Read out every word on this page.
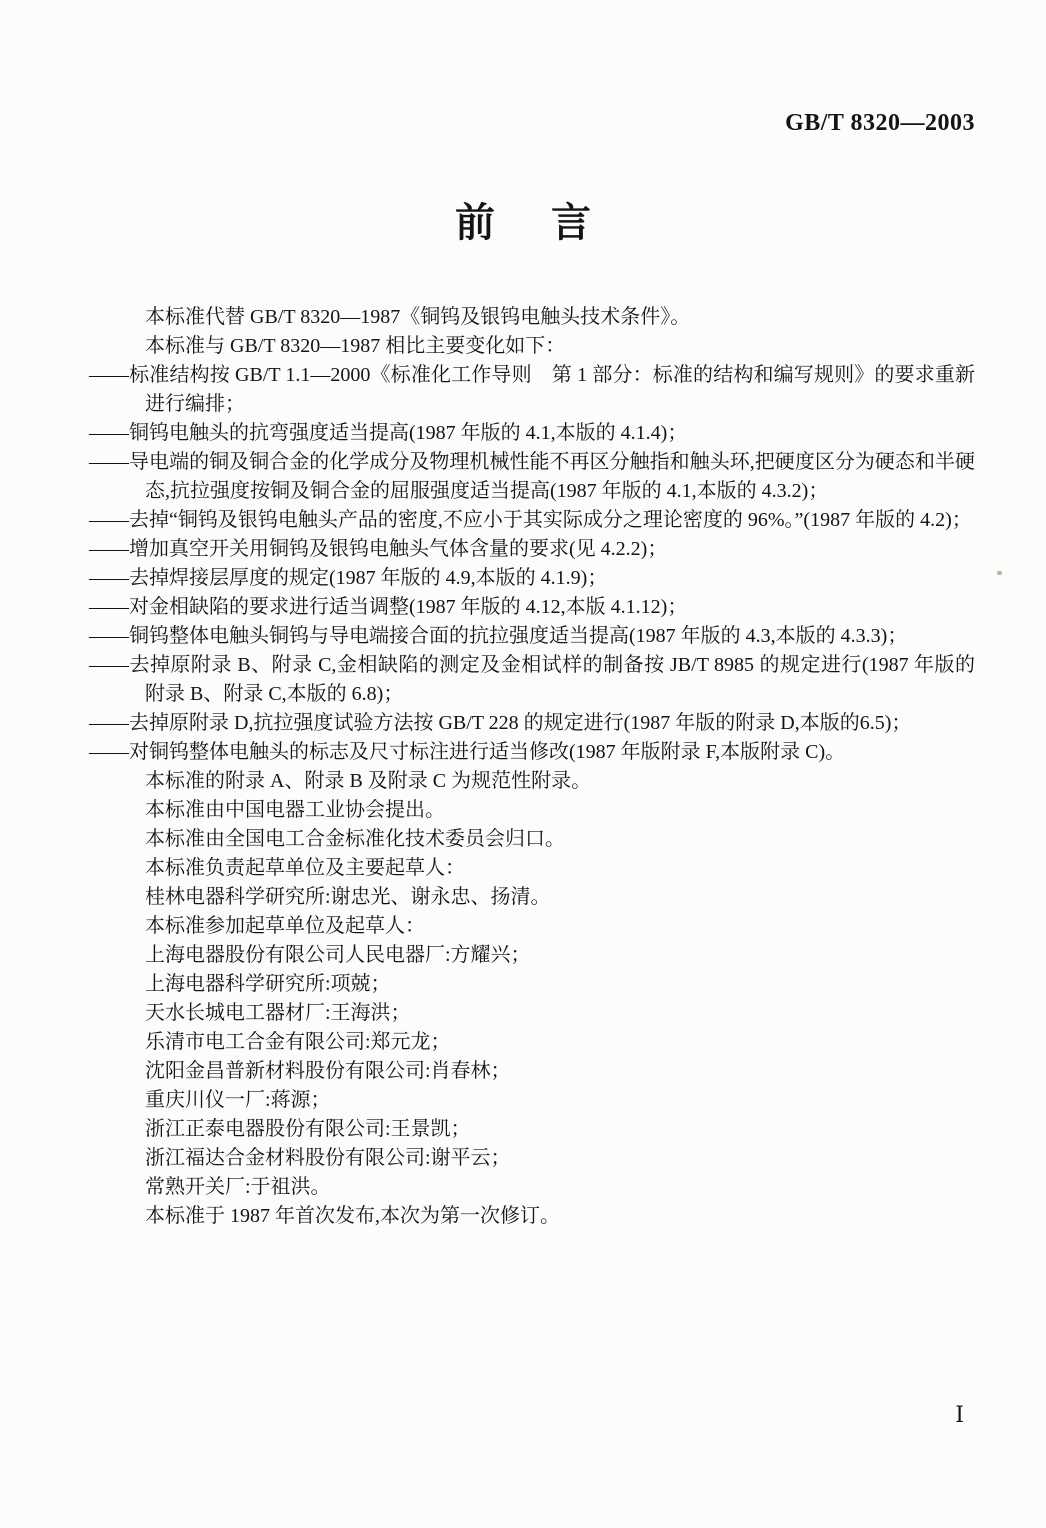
GB/T 8320—2003
前 言

本标准代替 GB/T 8320—1987《铜钨及银钨电触头技术条件》。

本标准与 GB/T 8320—1987 相比主要变化如下：

——标准结构按 GB/T 1.1—2000《标准化工作导则　第 1 部分：标准的结构和编写规则》的要求重新进行编排；

——铜钨电触头的抗弯强度适当提高(1987 年版的 4.1,本版的 4.1.4)；

——导电端的铜及铜合金的化学成分及物理机械性能不再区分触指和触头环,把硬度区分为硬态和半硬态,抗拉强度按铜及铜合金的屈服强度适当提高(1987 年版的 4.1,本版的 4.3.2)；

——去掉“铜钨及银钨电触头产品的密度,不应小于其实际成分之理论密度的 96%。”(1987 年版的 4.2)；

——增加真空开关用铜钨及银钨电触头气体含量的要求(见 4.2.2)；

——去掉焊接层厚度的规定(1987 年版的 4.9,本版的 4.1.9)；

——对金相缺陷的要求进行适当调整(1987 年版的 4.12,本版 4.1.12)；

——铜钨整体电触头铜钨与导电端接合面的抗拉强度适当提高(1987 年版的 4.3,本版的 4.3.3)；

——去掉原附录 B、附录 C,金相缺陷的测定及金相试样的制备按 JB/T 8985 的规定进行(1987 年版的附录 B、附录 C,本版的 6.8)；

——去掉原附录 D,抗拉强度试验方法按 GB/T 228 的规定进行(1987 年版的附录 D,本版的6.5)；

——对铜钨整体电触头的标志及尺寸标注进行适当修改(1987 年版附录 F,本版附录 C)。

本标准的附录 A、附录 B 及附录 C 为规范性附录。

本标准由中国电器工业协会提出。

本标准由全国电工合金标准化技术委员会归口。

本标准负责起草单位及主要起草人：

桂林电器科学研究所:谢忠光、谢永忠、扬清。

本标准参加起草单位及起草人：

上海电器股份有限公司人民电器厂:方耀兴；

上海电器科学研究所:项兢；

天水长城电工器材厂:王海洪；

乐清市电工合金有限公司:郑元龙；

沈阳金昌普新材料股份有限公司:肖春林；

重庆川仪一厂:蒋源；

浙江正泰电器股份有限公司:王景凯；

浙江福达合金材料股份有限公司:谢平云；

常熟开关厂:于祖洪。

本标准于 1987 年首次发布,本次为第一次修订。

Ⅰ
